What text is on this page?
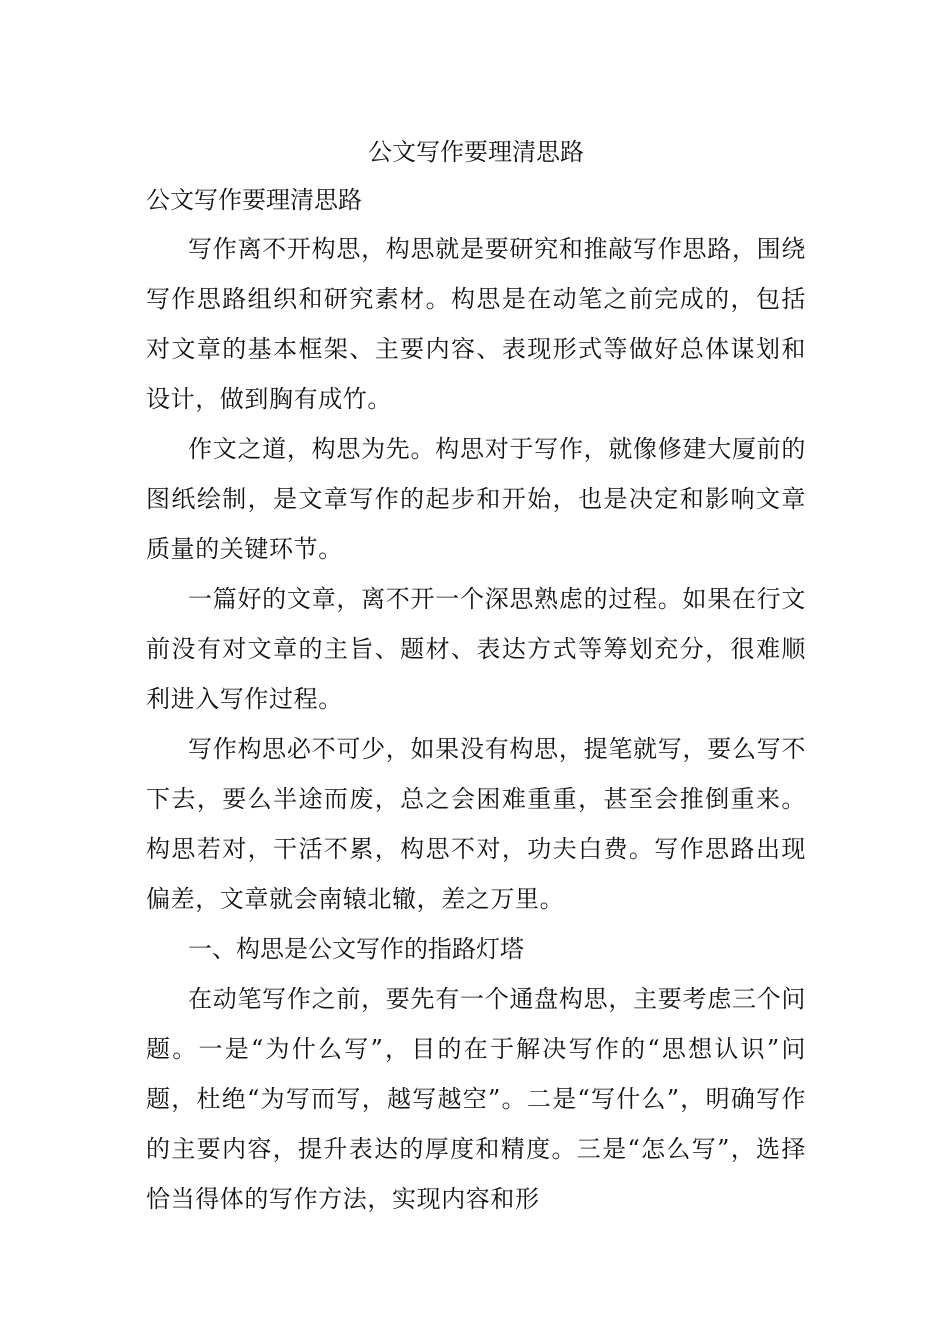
公文写作要理清思路
公文写作要理清思路

写作离不开构思，构思就是要研究和推敲写作思路，围绕写作思路组织和研究素材。构思是在动笔之前完成的，包括对文章的基本框架、主要内容、表现形式等做好总体谋划和设计，做到胸有成竹。

作文之道，构思为先。构思对于写作，就像修建大厦前的图纸绘制，是文章写作的起步和开始，也是决定和影响文章质量的关键环节。

一篇好的文章，离不开一个深思熟虑的过程。如果在行文前没有对文章的主旨、题材、表达方式等筹划充分，很难顺利进入写作过程。

写作构思必不可少，如果没有构思，提笔就写，要么写不下去，要么半途而废，总之会困难重重，甚至会推倒重来。构思若对，干活不累，构思不对，功夫白费。写作思路出现偏差，文章就会南辕北辙，差之万里。

一、构思是公文写作的指路灯塔

在动笔写作之前，要先有一个通盘构思，主要考虑三个问题。一是“为什么写”，目的在于解决写作的“思想认识”问题，杜绝“为写而写，越写越空”。二是“写什么”，明确写作的主要内容，提升表达的厚度和精度。三是“怎么写”，选择恰当得体的写作方法，实现内容和形
